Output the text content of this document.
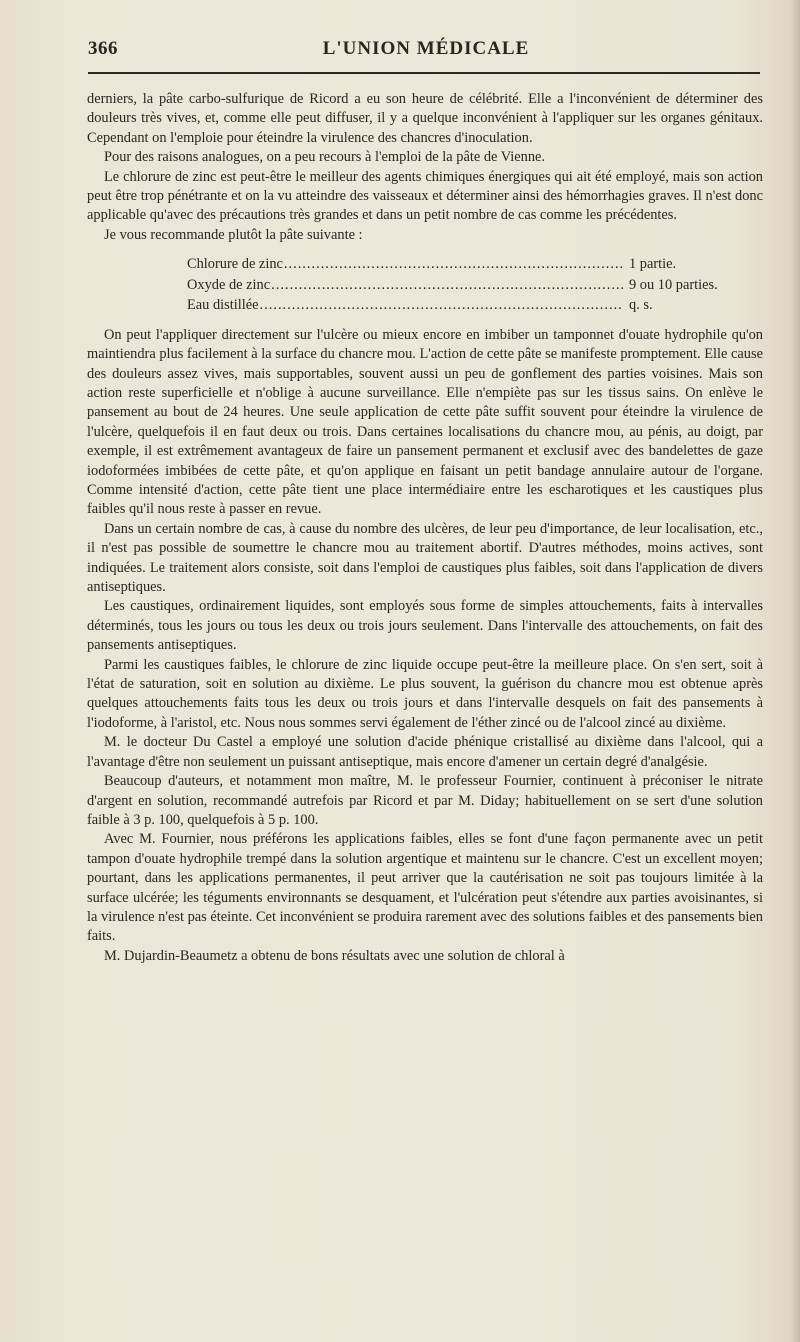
366	L'UNION MÉDICALE

derniers, la pâte carbo-sulfurique de Ricord a eu son heure de célébrité. Elle a l'inconvénient de déterminer des douleurs très vives, et, comme elle peut diffuser, il y a quelque inconvénient à l'appliquer sur les organes génitaux. Cependant on l'emploie pour éteindre la virulence des chancres d'inoculation.

Pour des raisons analogues, on a peu recours à l'emploi de la pâte de Vienne.

Le chlorure de zinc est peut-être le meilleur des agents chimiques énergiques qui ait été employé, mais son action peut être trop pénétrante et on la vu atteindre des vaisseaux et déterminer ainsi des hémorrhagies graves. Il n'est donc applicable qu'avec des précautions très grandes et dans un petit nombre de cas comme les précédentes.

Je vous recommande plutôt la pâte suivante :

Chlorure de zinc .....	1 partie.
Oxyde de zinc .....	9 ou 10 parties.
Eau distillée .....	q. s.

On peut l'appliquer directement sur l'ulcère ou mieux encore en imbiber un tamponnet d'ouate hydrophile qu'on maintiendra plus facilement à la surface du chancre mou. L'action de cette pâte se manifeste promptement. Elle cause des douleurs assez vives, mais supportables, souvent aussi un peu de gonflement des parties voisines. Mais son action reste superficielle et n'oblige à aucune surveillance. Elle n'empiète pas sur les tissus sains. On enlève le pansement au bout de 24 heures. Une seule application de cette pâte suffit souvent pour éteindre la virulence de l'ulcère, quelquefois il en faut deux ou trois. Dans certaines localisations du chancre mou, au pénis, au doigt, par exemple, il est extrêmement avantageux de faire un pansement permanent et exclusif avec des bandelettes de gaze iodoformées imbibées de cette pâte, et qu'on applique en faisant un petit bandage annulaire autour de l'organe. Comme intensité d'action, cette pâte tient une place intermédiaire entre les escharotiques et les caustiques plus faibles qu'il nous reste à passer en revue.

Dans un certain nombre de cas, à cause du nombre des ulcères, de leur peu d'importance, de leur localisation, etc., il n'est pas possible de soumettre le chancre mou au traitement abortif. D'autres méthodes, moins actives, sont indiquées. Le traitement alors consiste, soit dans l'emploi de caustiques plus faibles, soit dans l'application de divers antiseptiques.

Les caustiques, ordinairement liquides, sont employés sous forme de simples attouchements, faits à intervalles déterminés, tous les jours ou tous les deux ou trois jours seulement. Dans l'intervalle des attouchements, on fait des pansements antiseptiques.

Parmi les caustiques faibles, le chlorure de zinc liquide occupe peut-être la meilleure place. On s'en sert, soit à l'état de saturation, soit en solution au dixième. Le plus souvent, la guérison du chancre mou est obtenue après quelques attouchements faits tous les deux ou trois jours et dans l'intervalle desquels on fait des pansements à l'iodoforme, à l'aristol, etc. Nous nous sommes servi également de l'éther zincé ou de l'alcool zincé au dixième.

M. le docteur Du Castel a employé une solution d'acide phénique cristallisé au dixième dans l'alcool, qui a l'avantage d'être non seulement un puissant antiseptique, mais encore d'amener un certain degré d'analgésie.

Beaucoup d'auteurs, et notamment mon maître, M. le professeur Fournier, continuent à préconiser le nitrate d'argent en solution, recommandé autrefois par Ricord et par M. Diday; habituellement on se sert d'une solution faible à 3 p. 100, quelquefois à 5 p. 100.

Avec M. Fournier, nous préférons les applications faibles, elles se font d'une façon permanente avec un petit tampon d'ouate hydrophile trempé dans la solution argentique et maintenu sur le chancre. C'est un excellent moyen; pourtant, dans les applications permanentes, il peut arriver que la cautérisation ne soit pas toujours limitée à la surface ulcérée; les téguments environnants se desquament, et l'ulcération peut s'étendre aux parties avoisinantes, si la virulence n'est pas éteinte. Cet inconvénient se produira rarement avec des solutions faibles et des pansements bien faits.

M. Dujardin-Beaumetz a obtenu de bons résultats avec une solution de chloral à
